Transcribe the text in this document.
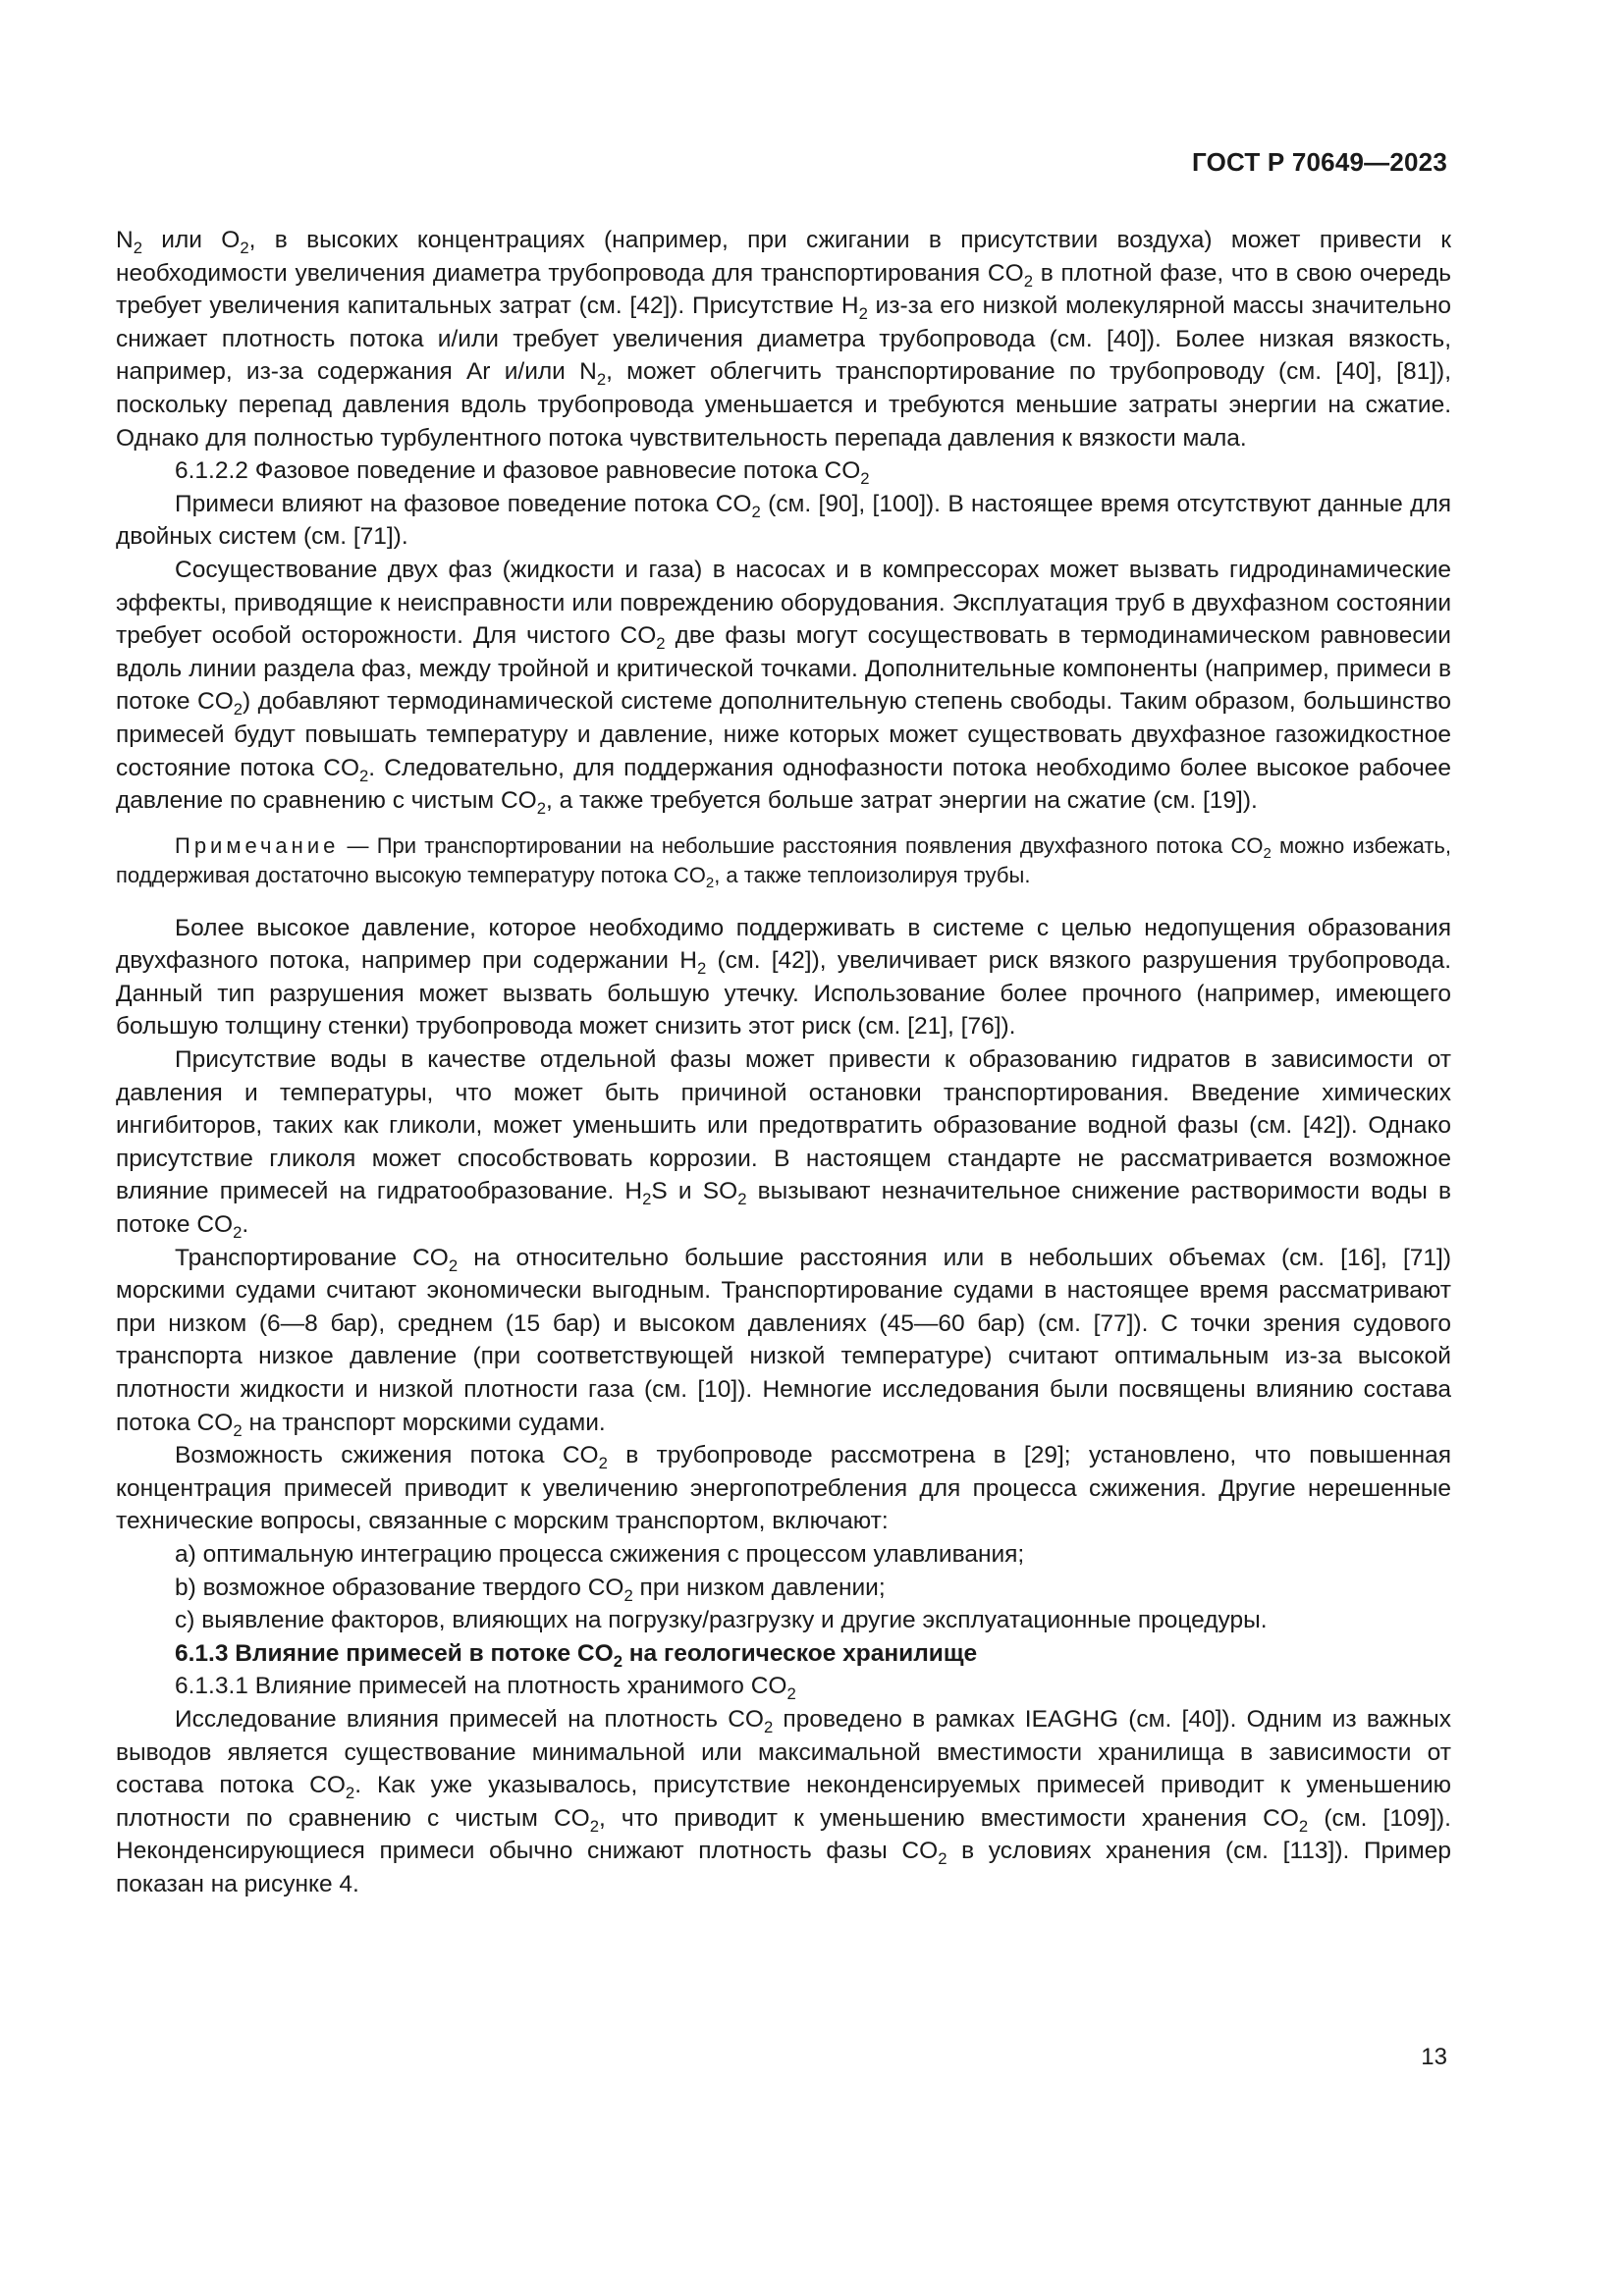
ГОСТ Р 70649—2023

$N_2$ или $O_2$, в высоких концентрациях (например, при сжигании в присутствии воздуха) может привести к необходимости увеличения диаметра трубопровода для транспортирования $CO_2$ в плотной фазе, что в свою очередь требует увеличения капитальных затрат (см. [42]). Присутствие $H_2$ из-за его низкой молекулярной массы значительно снижает плотность потока и/или требует увеличения диаметра трубопровода (см. [40]). Более низкая вязкость, например, из-за содержания Ar и/или $N_2$, может облегчить транспортирование по трубопроводу (см. [40], [81]), поскольку перепад давления вдоль трубопровода уменьшается и требуются меньшие затраты энергии на сжатие. Однако для полностью турбулентного потока чувствительность перепада давления к вязкости мала.

6.1.2.2 Фазовое поведение и фазовое равновесие потока $CO_2$

Примеси влияют на фазовое поведение потока $CO_2$ (см. [90], [100]). В настоящее время отсутствуют данные для двойных систем (см. [71]).

Сосуществование двух фаз (жидкости и газа) в насосах и в компрессорах может вызвать гидродинамические эффекты, приводящие к неисправности или повреждению оборудования. Эксплуатация труб в двухфазном состоянии требует особой осторожности. Для чистого $CO_2$ две фазы могут сосуществовать в термодинамическом равновесии вдоль линии раздела фаз, между тройной и критической точками. Дополнительные компоненты (например, примеси в потоке $CO_2$) добавляют термодинамической системе дополнительную степень свободы. Таким образом, большинство примесей будут повышать температуру и давление, ниже которых может существовать двухфазное газожидкостное состояние потока $CO_2$. Следовательно, для поддержания однофазности потока необходимо более высокое рабочее давление по сравнению с чистым $CO_2$, а также требуется больше затрат энергии на сжатие (см. [19]).

Примечание — При транспортировании на небольшие расстояния появления двухфазного потока $CO_2$ можно избежать, поддерживая достаточно высокую температуру потока $CO_2$, а также теплоизолируя трубы.

Более высокое давление, которое необходимо поддерживать в системе с целью недопущения образования двухфазного потока, например при содержании $H_2$ (см. [42]), увеличивает риск вязкого разрушения трубопровода. Данный тип разрушения может вызвать большую утечку. Использование более прочного (например, имеющего большую толщину стенки) трубопровода может снизить этот риск (см. [21], [76]).

Присутствие воды в качестве отдельной фазы может привести к образованию гидратов в зависимости от давления и температуры, что может быть причиной остановки транспортирования. Введение химических ингибиторов, таких как гликоли, может уменьшить или предотвратить образование водной фазы (см. [42]). Однако присутствие гликоля может способствовать коррозии. В настоящем стандарте не рассматривается возможное влияние примесей на гидратообразование. $H_2S$ и $SO_2$ вызывают незначительное снижение растворимости воды в потоке $CO_2$.

Транспортирование $CO_2$ на относительно большие расстояния или в небольших объемах (см. [16], [71]) морскими судами считают экономически выгодным. Транспортирование судами в настоящее время рассматривают при низком (6—8 бар), среднем (15 бар) и высоком давлениях (45—60 бар) (см. [77]). С точки зрения судового транспорта низкое давление (при соответствующей низкой температуре) считают оптимальным из-за высокой плотности жидкости и низкой плотности газа (см. [10]). Немногие исследования были посвящены влиянию состава потока $CO_2$ на транспорт морскими судами.

Возможность сжижения потока $CO_2$ в трубопроводе рассмотрена в [29]; установлено, что повышенная концентрация примесей приводит к увеличению энергопотребления для процесса сжижения. Другие нерешенные технические вопросы, связанные с морским транспортом, включают:

а) оптимальную интеграцию процесса сжижения с процессом улавливания;

b) возможное образование твердого $CO_2$ при низком давлении;

с) выявление факторов, влияющих на погрузку/разгрузку и другие эксплуатационные процедуры.

6.1.3 Влияние примесей в потоке $CO_2$ на геологическое хранилище

6.1.3.1 Влияние примесей на плотность хранимого $CO_2$

Исследование влияния примесей на плотность $CO_2$ проведено в рамках IEAGHG (см. [40]). Одним из важных выводов является существование минимальной или максимальной вместимости хранилища в зависимости от состава потока $CO_2$. Как уже указывалось, присутствие неконденсируемых примесей приводит к уменьшению плотности по сравнению с чистым $CO_2$, что приводит к уменьшению вместимости хранения $CO_2$ (см. [109]). Неконденсирующиеся примеси обычно снижают плотность фазы $CO_2$ в условиях хранения (см. [113]). Пример показан на рисунке 4.

13
